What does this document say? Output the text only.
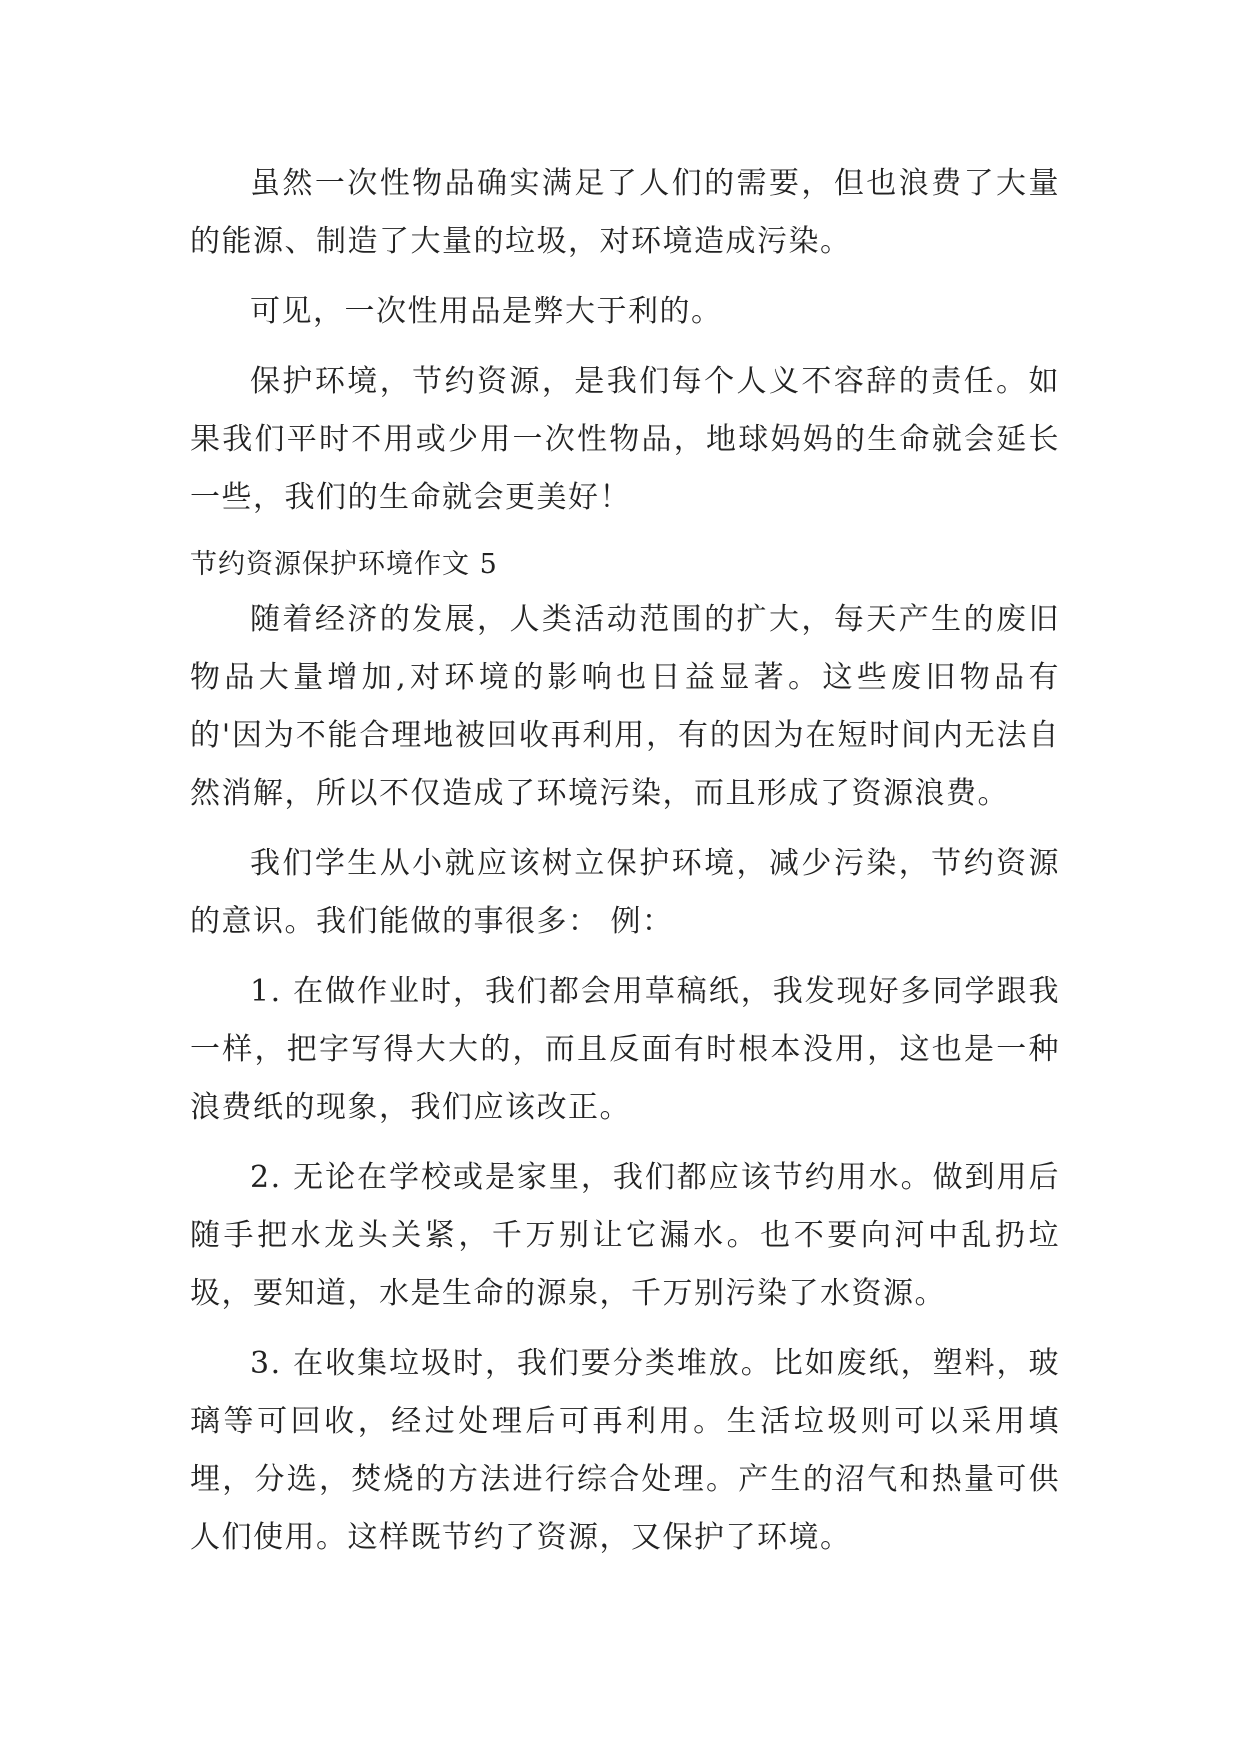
虽然一次性物品确实满足了人们的需要，但也浪费了大量的能源、制造了大量的垃圾，对环境造成污染。

可见，一次性用品是弊大于利的。

保护环境，节约资源，是我们每个人义不容辞的责任。如果我们平时不用或少用一次性物品，地球妈妈的生命就会延长一些，我们的生命就会更美好！

节约资源保护环境作文 5

随着经济的发展，人类活动范围的扩大，每天产生的废旧物品大量增加,对环境的影响也日益显著。这些废旧物品有的'因为不能合理地被回收再利用，有的因为在短时间内无法自然消解，所以不仅造成了环境污染，而且形成了资源浪费。

我们学生从小就应该树立保护环境，减少污染，节约资源的意识。我们能做的事很多： 例：

1. 在做作业时，我们都会用草稿纸，我发现好多同学跟我一样，把字写得大大的，而且反面有时根本没用，这也是一种浪费纸的现象，我们应该改正。

2. 无论在学校或是家里，我们都应该节约用水。做到用后随手把水龙头关紧，千万别让它漏水。也不要向河中乱扔垃圾，要知道，水是生命的源泉，千万别污染了水资源。

3. 在收集垃圾时，我们要分类堆放。比如废纸，塑料，玻璃等可回收，经过处理后可再利用。生活垃圾则可以采用填埋，分选，焚烧的方法进行综合处理。产生的沼气和热量可供人们使用。这样既节约了资源，又保护了环境。
